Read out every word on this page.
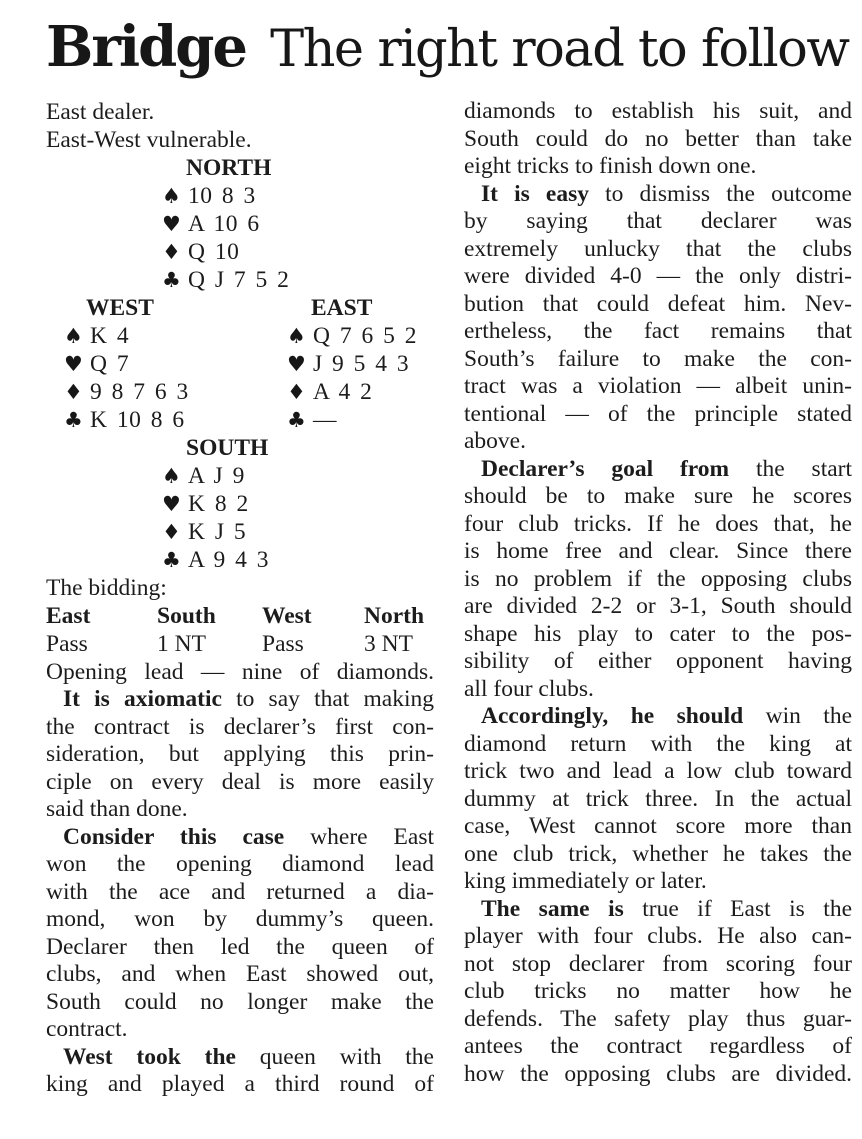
Bridge The right road to follow
East dealer.
East-West vulnerable.
NORTH
♠ 10 8 3
♥ A 10 6
♦ Q 10
♣ Q J 7 5 2
WEST
♠ K 4
♥ Q 7
♦ 9 8 7 6 3
♣ K 10 8 6
EAST
♠ Q 7 6 5 2
♥ J 9 5 4 3
♦ A 4 2
♣ —
SOUTH
♠ A J 9
♥ K 8 2
♦ K J 5
♣ A 9 4 3
The bidding:
East	South	West	North
Pass	1 NT	Pass	3 NT
Opening lead — nine of diamonds.
It is axiomatic to say that making
the contract is declarer’s first con-
sideration, but applying this prin-
ciple on every deal is more easily
said than done.
Consider this case where East
won the opening diamond lead
with the ace and returned a dia-
mond, won by dummy’s queen.
Declarer then led the queen of
clubs, and when East showed out,
South could no longer make the
contract.
West took the queen with the
king and played a third round of
diamonds to establish his suit, and
South could do no better than take
eight tricks to finish down one.
It is easy to dismiss the outcome
by saying that declarer was
extremely unlucky that the clubs
were divided 4-0 — the only distri-
bution that could defeat him. Nev-
ertheless, the fact remains that
South’s failure to make the con-
tract was a violation — albeit unin-
tentional — of the principle stated
above.
Declarer’s goal from the start
should be to make sure he scores
four club tricks. If he does that, he
is home free and clear. Since there
is no problem if the opposing clubs
are divided 2-2 or 3-1, South should
shape his play to cater to the pos-
sibility of either opponent having
all four clubs.
Accordingly, he should win the
diamond return with the king at
trick two and lead a low club toward
dummy at trick three. In the actual
case, West cannot score more than
one club trick, whether he takes the
king immediately or later.
The same is true if East is the
player with four clubs. He also can-
not stop declarer from scoring four
club tricks no matter how he
defends. The safety play thus guar-
antees the contract regardless of
how the opposing clubs are divided.
